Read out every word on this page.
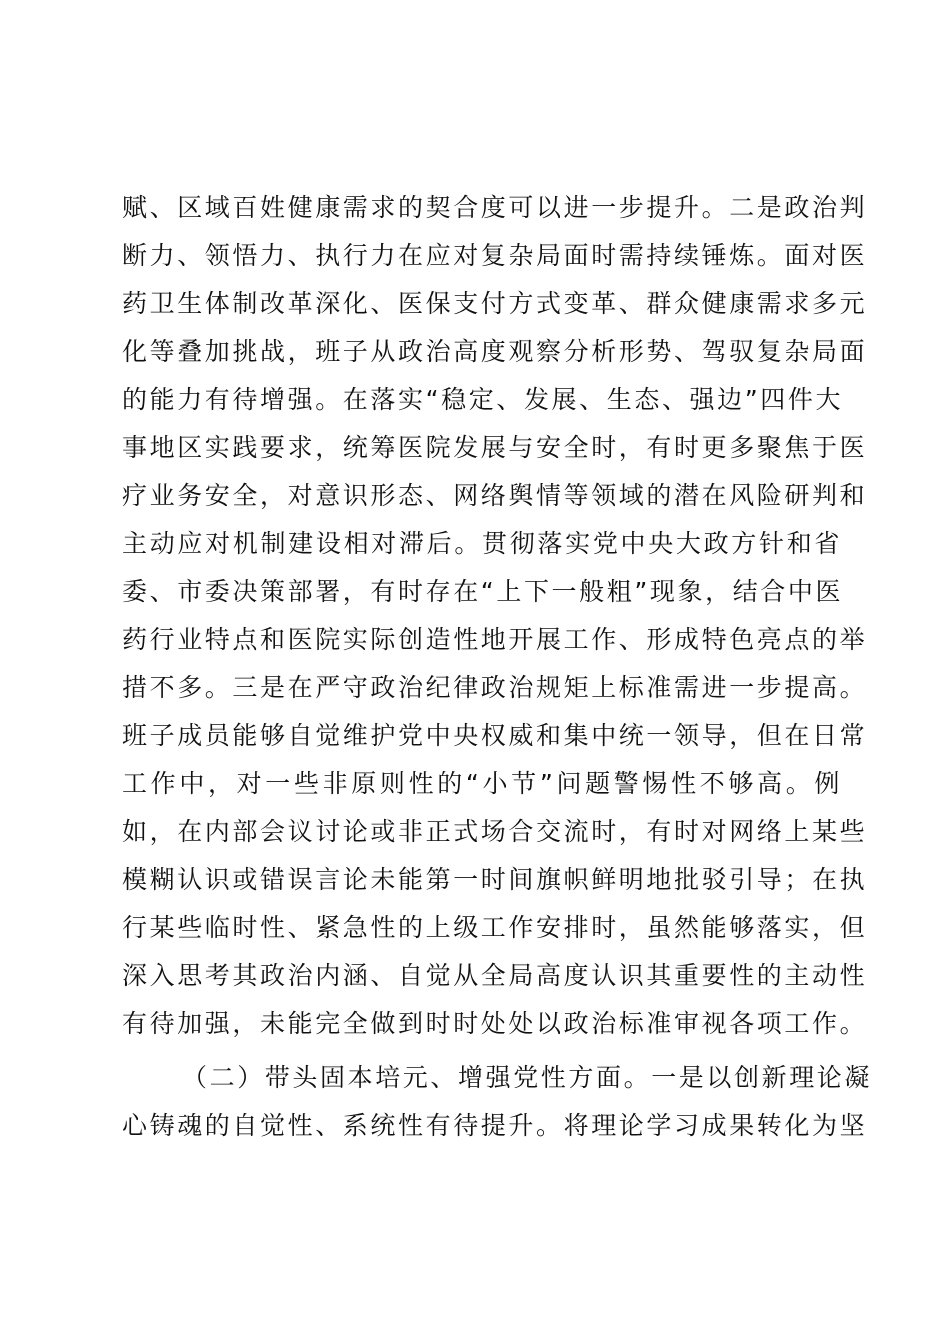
赋、区域百姓健康需求的契合度可以进一步提升。二是政治判
断力、领悟力、执行力在应对复杂局面时需持续锤炼。面对医
药卫生体制改革深化、医保支付方式变革、群众健康需求多元
化等叠加挑战，班子从政治高度观察分析形势、驾驭复杂局面
的能力有待增强。在落实“稳定、发展、生态、强边”四件大
事地区实践要求，统筹医院发展与安全时，有时更多聚焦于医
疗业务安全，对意识形态、网络舆情等领域的潜在风险研判和
主动应对机制建设相对滞后。贯彻落实党中央大政方针和省
委、市委决策部署，有时存在“上下一般粗”现象，结合中医
药行业特点和医院实际创造性地开展工作、形成特色亮点的举
措不多。三是在严守政治纪律政治规矩上标准需进一步提高。
班子成员能够自觉维护党中央权威和集中统一领导，但在日常
工作中，对一些非原则性的“小节”问题警惕性不够高。例
如，在内部会议讨论或非正式场合交流时，有时对网络上某些
模糊认识或错误言论未能第一时间旗帜鲜明地批驳引导；在执
行某些临时性、紧急性的上级工作安排时，虽然能够落实，但
深入思考其政治内涵、自觉从全局高度认识其重要性的主动性
有待加强，未能完全做到时时处处以政治标准审视各项工作。
（二）带头固本培元、增强党性方面。一是以创新理论凝
心铸魂的自觉性、系统性有待提升。将理论学习成果转化为坚
